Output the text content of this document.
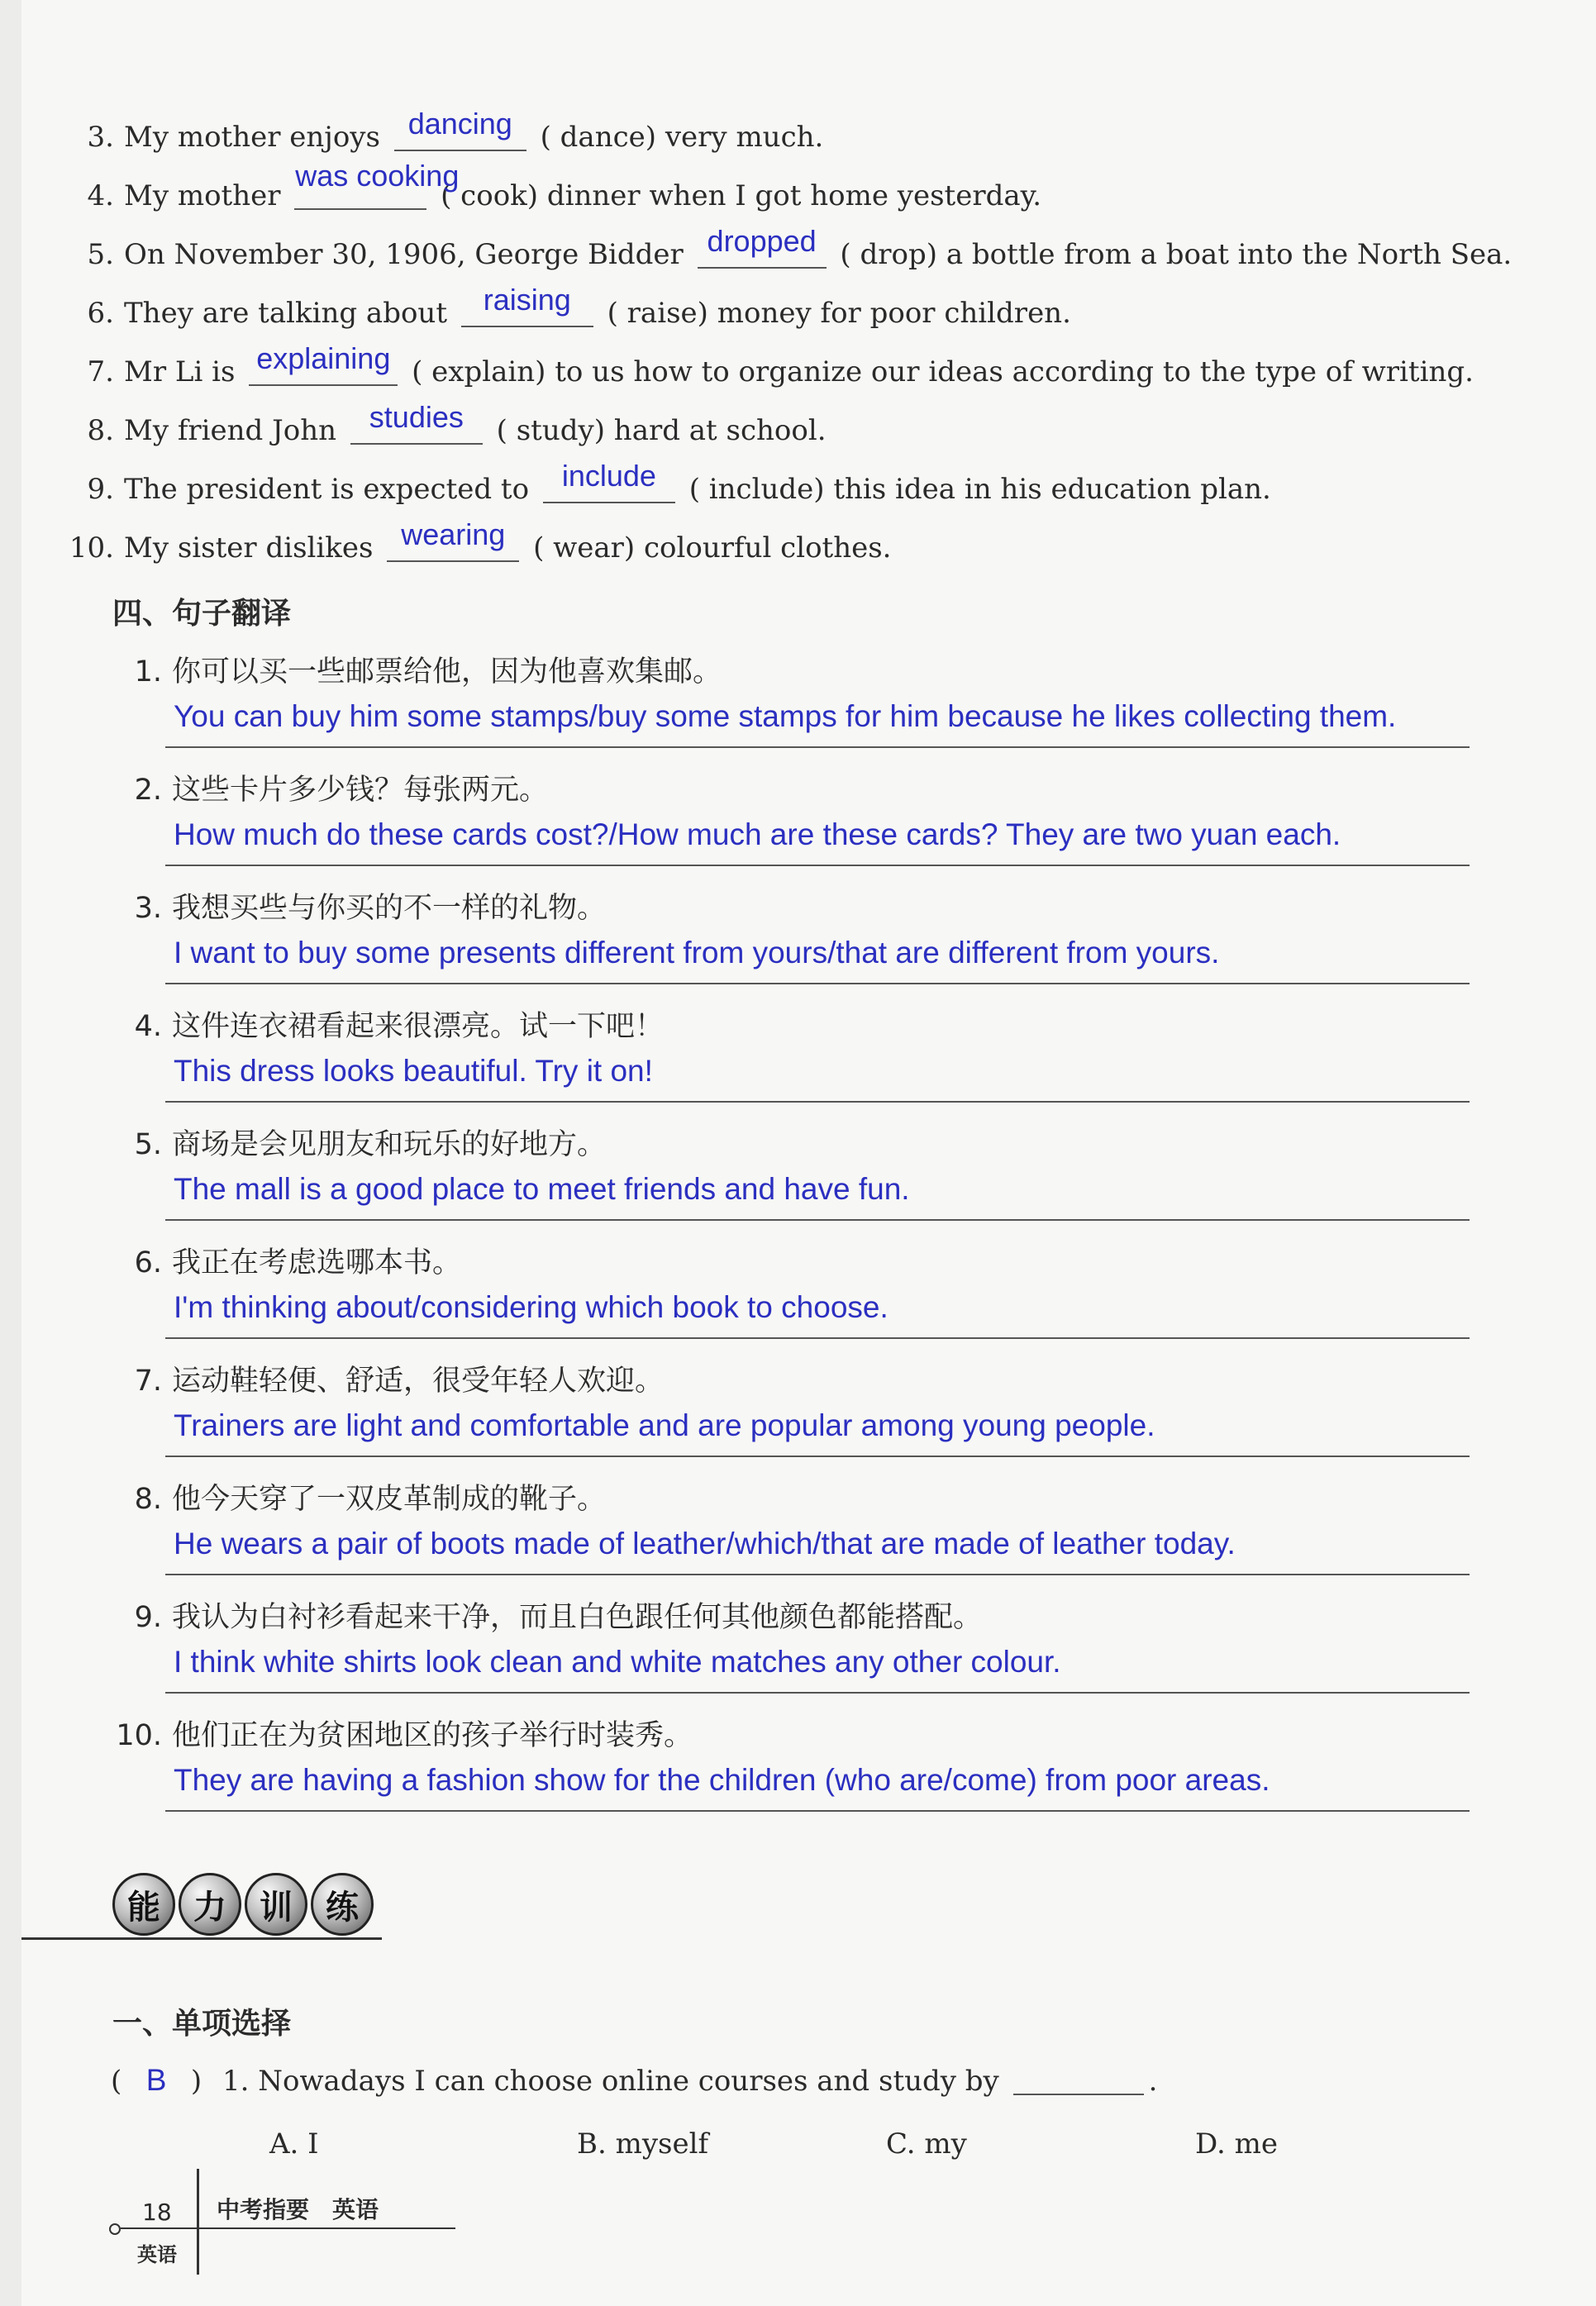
3. My mother enjoys dancing ( dance) very much.
4. My mother
was cooking
( cook) dinner when I got home yesterday.
5. On November 30, 1906, George Bidder dropped ( drop) a bottle from a boat into the North Sea.
6. They are talking about	raising	( raise) money for poor children.
7. Mr Li is explaining ( explain) to us how to organize our ideas according to the type of writing.
8. My friend John	studies	( study) hard at school.
9. The president is expected to	include	( include) this idea in his education plan.
10. My sister dislikes wearing ( wear) colourful clothes.
四、句子翻译
1. 你可以买一些邮票给他，因为他喜欢集邮。
You can buy him some stamps/buy some stamps for him because he likes collecting them.
2. 这些卡片多少钱？每张两元。
How much do these cards cost?/How much are these cards? They are two yuan each.
3. 我想买些与你买的不一样的礼物。
I want to buy some presents different from yours/that are different from yours.
4. 这件连衣裙看起来很漂亮。试一下吧！
This dress looks beautiful. Try it on!
5. 商场是会见朋友和玩乐的好地方。
The mall is a good place to meet friends and have fun.
6. 我正在考虑选哪本书。
I'm thinking about/considering which book to choose.
7. 运动鞋轻便、舒适，很受年轻人欢迎。
Trainers are light and comfortable and are popular among young people.
8. 他今天穿了一双皮革制成的靴子。
He wears a pair of boots made of leather/which/that are made of leather today.
9. 我认为白衬衫看起来干净，而且白色跟任何其他颜色都能搭配。
I think white shirts look clean and white matches any other colour.
10. 他们正在为贫困地区的孩子举行时装秀。
They are having a fashion show for the children (who are/come) from poor areas.
能	力	训	练
一、单项选择
( B ) 1. Nowadays I can choose online courses and study by	.
A. I	B. myself	C. my	D. me
18 中考指要　英语
英语
